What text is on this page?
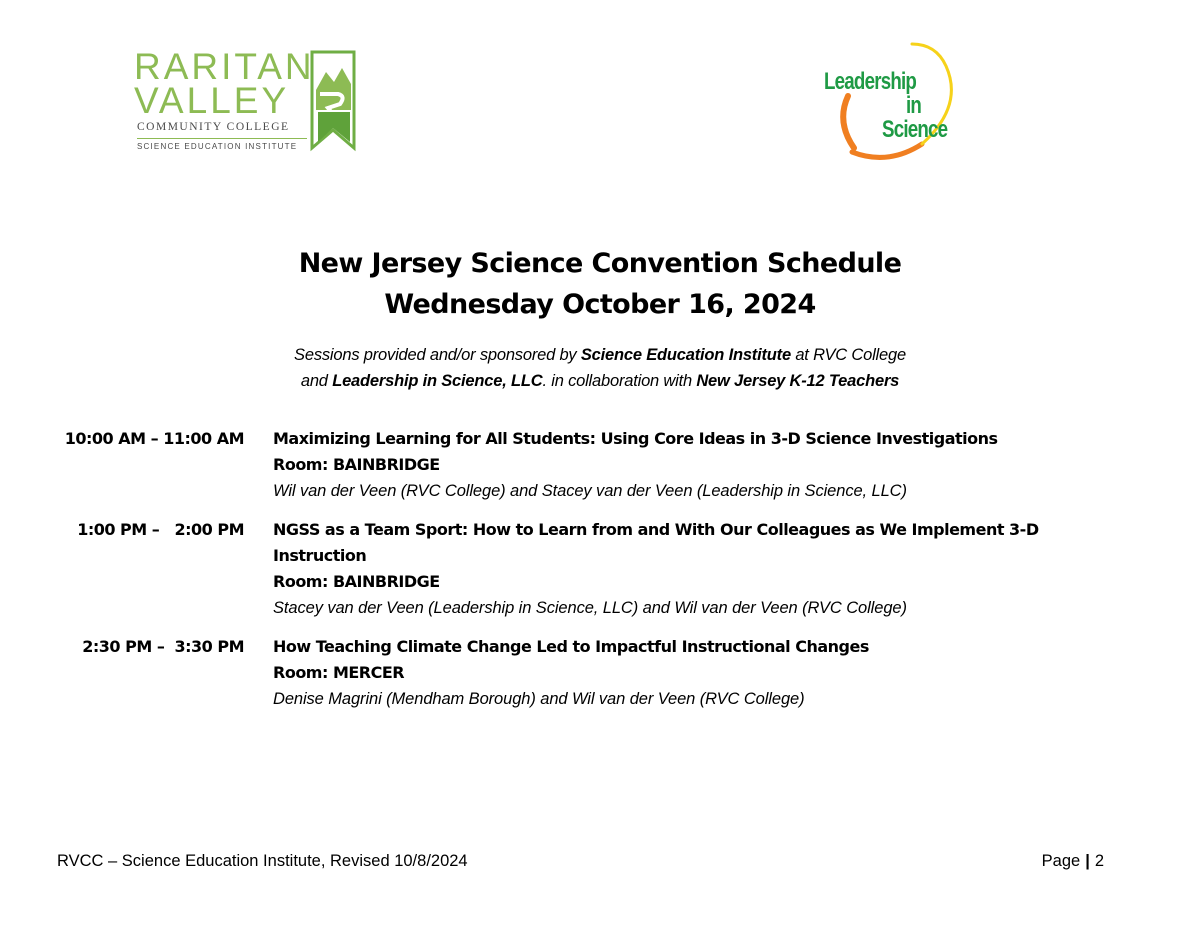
RARITAN
VALLEY
COMMUNITY COLLEGE
SCIENCE EDUCATION INSTITUTE
Leadership
in
Science
New Jersey Science Convention Schedule
Wednesday October 16, 2024
Sessions provided and/or sponsored by Science Education Institute at RVC College
and Leadership in Science, LLC. in collaboration with New Jersey K-12 Teachers
10:00 AM – 11:00 AM Maximizing Learning for All Students: Using Core Ideas in 3-D Science Investigations
Room: BAINBRIDGE
Wil van der Veen (RVC College) and Stacey van der Veen (Leadership in Science, LLC)
1:00 PM –   2:00 PM NGSS as a Team Sport: How to Learn from and With Our Colleagues as We Implement 3-D Instruction
Room: BAINBRIDGE
Stacey van der Veen (Leadership in Science, LLC) and Wil van der Veen (RVC College)
2:30 PM –  3:30 PM How Teaching Climate Change Led to Impactful Instructional Changes
Room: MERCER
Denise Magrini (Mendham Borough) and Wil van der Veen (RVC College)
RVCC – Science Education Institute, Revised 10/8/2024	Page | 2
